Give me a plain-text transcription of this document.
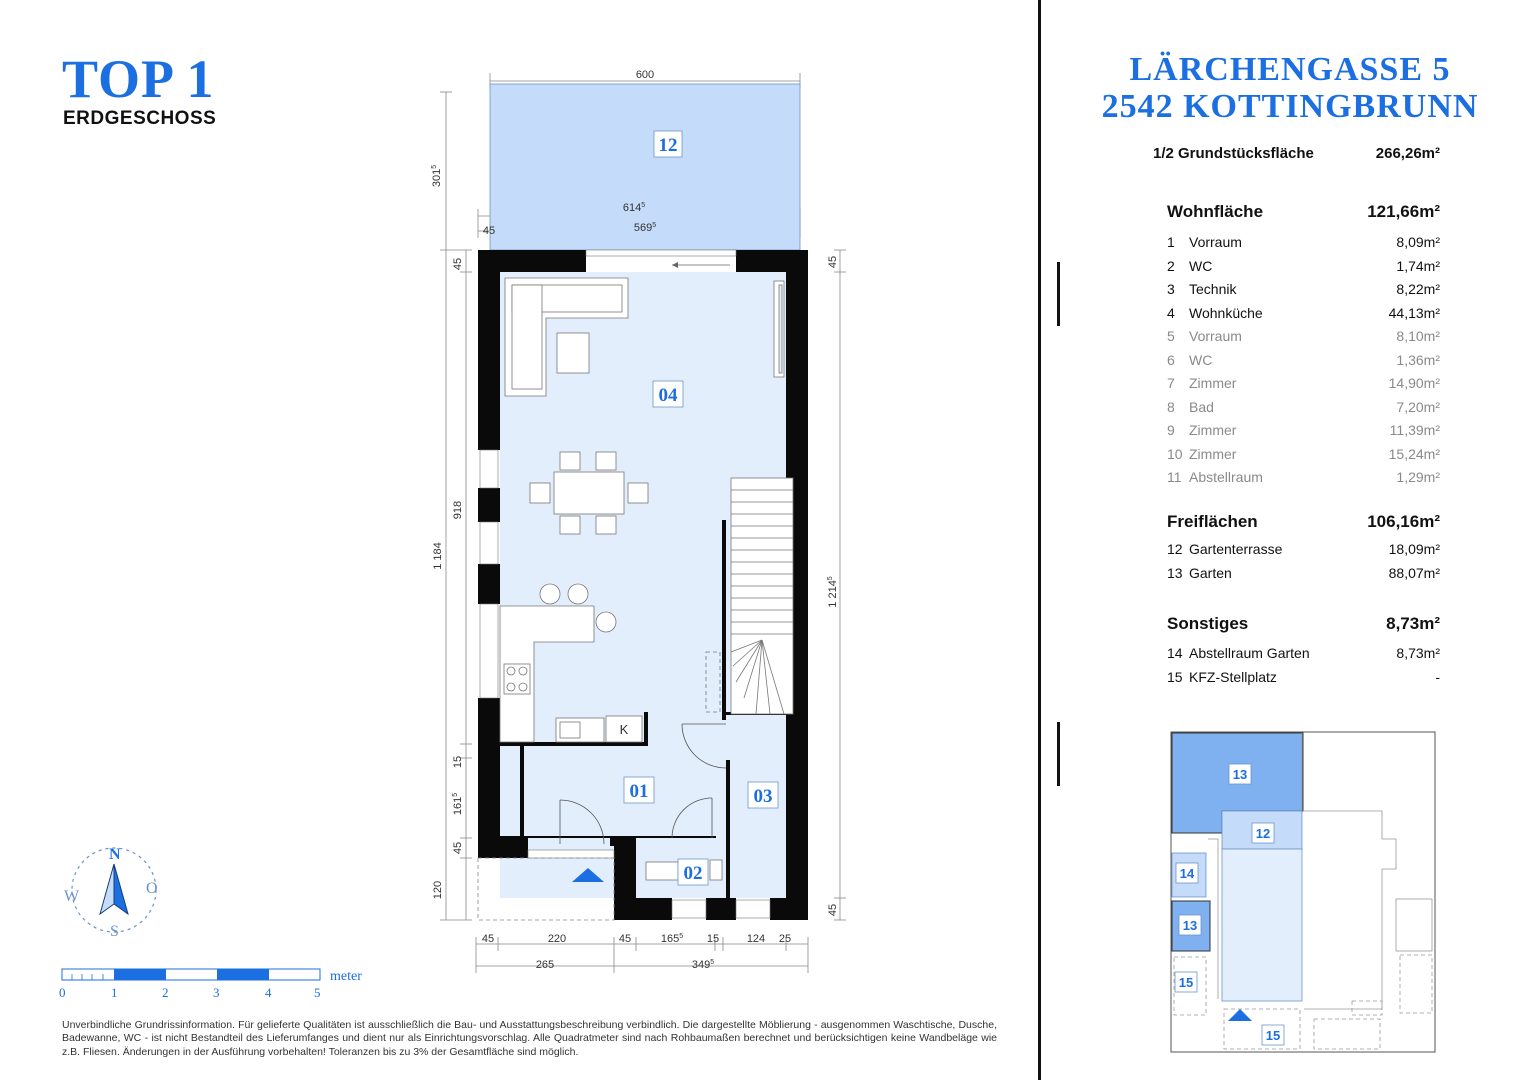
TOP 1
ERDGESCHOSS
LÄRCHENGASSE 5
2542 KOTTINGBRUNN
1/2 Grundstücksfläche	266,26m²
Wohnfläche	121,66m²
1	Vorraum	8,09m²
2	WC	1,74m²
3	Technik	8,22m²
4	Wohnküche	44,13m²
5	Vorraum	8,10m²
6	WC	1,36m²
7	Zimmer	14,90m²
8	Bad	7,20m²
9	Zimmer	11,39m²
10 Zimmer	15,24m²
11 Abstellraum	1,29m²
Freiflächen	106,16m²
12 Gartenterrasse	18,09m²
13 Garten	88,07m²
Sonstiges	8,73m²
14 Abstellraum Garten	8,73m²
15 KFZ-Stellplatz	-
K
12
04
01
02
03
600
$301^5$
$614^5$
45	$569^5$
45
918
1 184
15
$161^5$
45
120
45
1 $214^5$
45
45	220	45	$165^5$ 15	124 25
265	$349^5$
N
S
W	O
meter
0	1	2	3	4	5
Unverbindliche Grundrissinformation. Für gelieferte Qualitäten ist ausschließlich die Bau- und Ausstattungsbeschreibung verbindlich. Die dargestellte Möblierung - ausgenommen Waschtische, Dusche, Badewanne, WC - ist nicht Bestandteil des Lieferumfanges und dient nur als Einrichtungsvorschlag. Alle Quadratmeter sind nach Rohbaumaßen berechnet und berücksichtigen keine Wandbeläge wie z.B. Fliesen. Änderungen in der Ausführung vorbehalten! Toleranzen bis zu 3% der Gesamtfläche sind möglich.
13
12
14
13
15
15
